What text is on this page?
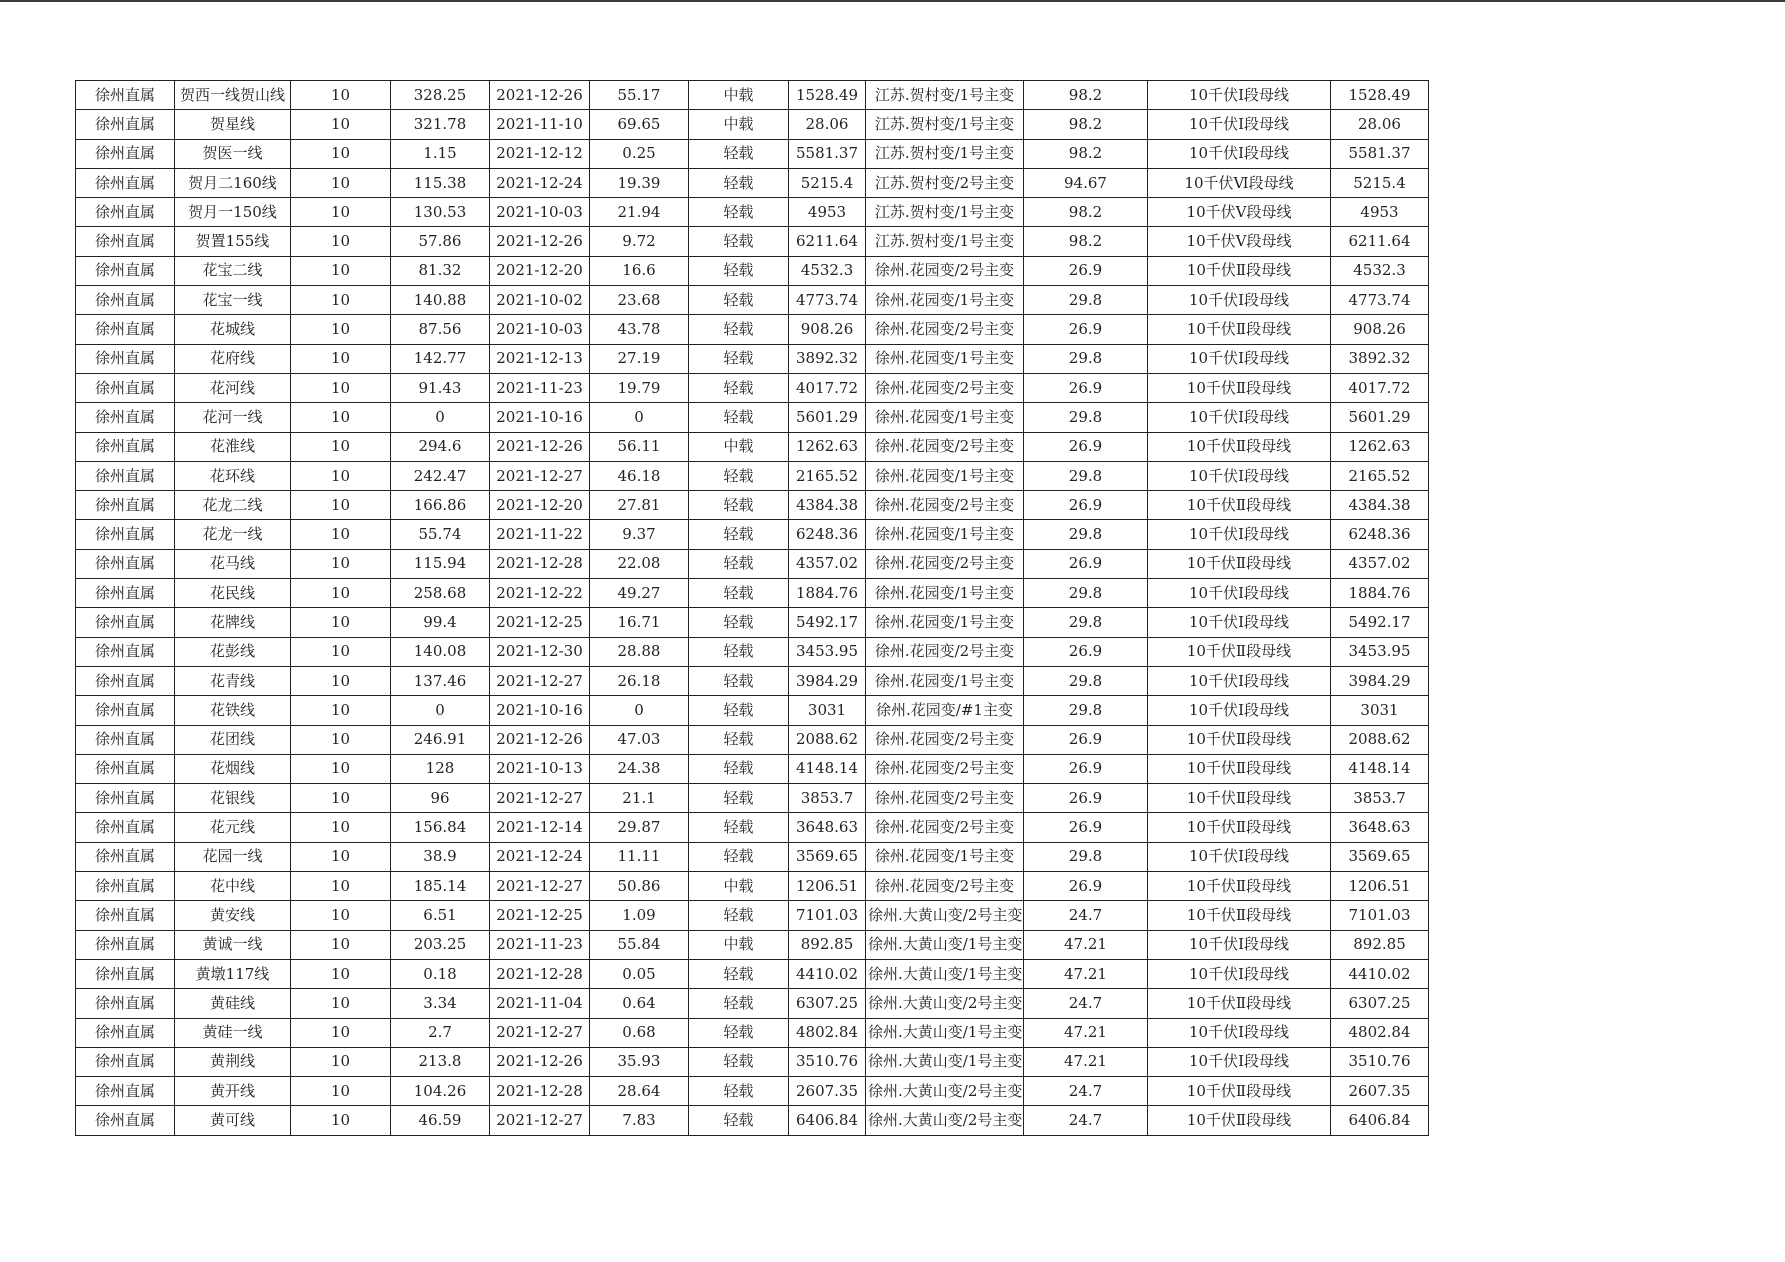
徐州直属	贺西一线贺山线	10	328.25	2021-12-26	55.17	中载	1528.49	江苏.贺村变/1号主变	98.2	10千伏Ⅰ段母线	1528.49
徐州直属	贺星线	10	321.78	2021-11-10	69.65	中载	28.06	江苏.贺村变/1号主变	98.2	10千伏Ⅰ段母线	28.06
徐州直属	贺医一线	10	1.15	2021-12-12	0.25	轻载	5581.37	江苏.贺村变/1号主变	98.2	10千伏Ⅰ段母线	5581.37
徐州直属	贺月二160线	10	115.38	2021-12-24	19.39	轻载	5215.4	江苏.贺村变/2号主变	94.67	10千伏Ⅵ段母线	5215.4
徐州直属	贺月一150线	10	130.53	2021-10-03	21.94	轻载	4953	江苏.贺村变/1号主变	98.2	10千伏Ⅴ段母线	4953
徐州直属	贺置155线	10	57.86	2021-12-26	9.72	轻载	6211.64	江苏.贺村变/1号主变	98.2	10千伏Ⅴ段母线	6211.64
徐州直属	花宝二线	10	81.32	2021-12-20	16.6	轻载	4532.3	徐州.花园变/2号主变	26.9	10千伏Ⅱ段母线	4532.3
徐州直属	花宝一线	10	140.88	2021-10-02	23.68	轻载	4773.74	徐州.花园变/1号主变	29.8	10千伏Ⅰ段母线	4773.74
徐州直属	花城线	10	87.56	2021-10-03	43.78	轻载	908.26	徐州.花园变/2号主变	26.9	10千伏Ⅱ段母线	908.26
徐州直属	花府线	10	142.77	2021-12-13	27.19	轻载	3892.32	徐州.花园变/1号主变	29.8	10千伏Ⅰ段母线	3892.32
徐州直属	花河线	10	91.43	2021-11-23	19.79	轻载	4017.72	徐州.花园变/2号主变	26.9	10千伏Ⅱ段母线	4017.72
徐州直属	花河一线	10	0	2021-10-16	0	轻载	5601.29	徐州.花园变/1号主变	29.8	10千伏Ⅰ段母线	5601.29
徐州直属	花淮线	10	294.6	2021-12-26	56.11	中载	1262.63	徐州.花园变/2号主变	26.9	10千伏Ⅱ段母线	1262.63
徐州直属	花环线	10	242.47	2021-12-27	46.18	轻载	2165.52	徐州.花园变/1号主变	29.8	10千伏Ⅰ段母线	2165.52
徐州直属	花龙二线	10	166.86	2021-12-20	27.81	轻载	4384.38	徐州.花园变/2号主变	26.9	10千伏Ⅱ段母线	4384.38
徐州直属	花龙一线	10	55.74	2021-11-22	9.37	轻载	6248.36	徐州.花园变/1号主变	29.8	10千伏Ⅰ段母线	6248.36
徐州直属	花马线	10	115.94	2021-12-28	22.08	轻载	4357.02	徐州.花园变/2号主变	26.9	10千伏Ⅱ段母线	4357.02
徐州直属	花民线	10	258.68	2021-12-22	49.27	轻载	1884.76	徐州.花园变/1号主变	29.8	10千伏Ⅰ段母线	1884.76
徐州直属	花牌线	10	99.4	2021-12-25	16.71	轻载	5492.17	徐州.花园变/1号主变	29.8	10千伏Ⅰ段母线	5492.17
徐州直属	花彭线	10	140.08	2021-12-30	28.88	轻载	3453.95	徐州.花园变/2号主变	26.9	10千伏Ⅱ段母线	3453.95
徐州直属	花青线	10	137.46	2021-12-27	26.18	轻载	3984.29	徐州.花园变/1号主变	29.8	10千伏Ⅰ段母线	3984.29
徐州直属	花铁线	10	0	2021-10-16	0	轻载	3031	徐州.花园变/#1主变	29.8	10千伏Ⅰ段母线	3031
徐州直属	花团线	10	246.91	2021-12-26	47.03	轻载	2088.62	徐州.花园变/2号主变	26.9	10千伏Ⅱ段母线	2088.62
徐州直属	花烟线	10	128	2021-10-13	24.38	轻载	4148.14	徐州.花园变/2号主变	26.9	10千伏Ⅱ段母线	4148.14
徐州直属	花银线	10	96	2021-12-27	21.1	轻载	3853.7	徐州.花园变/2号主变	26.9	10千伏Ⅱ段母线	3853.7
徐州直属	花元线	10	156.84	2021-12-14	29.87	轻载	3648.63	徐州.花园变/2号主变	26.9	10千伏Ⅱ段母线	3648.63
徐州直属	花园一线	10	38.9	2021-12-24	11.11	轻载	3569.65	徐州.花园变/1号主变	29.8	10千伏Ⅰ段母线	3569.65
徐州直属	花中线	10	185.14	2021-12-27	50.86	中载	1206.51	徐州.花园变/2号主变	26.9	10千伏Ⅱ段母线	1206.51
徐州直属	黄安线	10	6.51	2021-12-25	1.09	轻载	7101.03	徐州.大黄山变/2号主变	24.7	10千伏Ⅱ段母线	7101.03
徐州直属	黄诚一线	10	203.25	2021-11-23	55.84	中载	892.85	徐州.大黄山变/1号主变	47.21	10千伏Ⅰ段母线	892.85
徐州直属	黄墩117线	10	0.18	2021-12-28	0.05	轻载	4410.02	徐州.大黄山变/1号主变	47.21	10千伏Ⅰ段母线	4410.02
徐州直属	黄硅线	10	3.34	2021-11-04	0.64	轻载	6307.25	徐州.大黄山变/2号主变	24.7	10千伏Ⅱ段母线	6307.25
徐州直属	黄硅一线	10	2.7	2021-12-27	0.68	轻载	4802.84	徐州.大黄山变/1号主变	47.21	10千伏Ⅰ段母线	4802.84
徐州直属	黄荆线	10	213.8	2021-12-26	35.93	轻载	3510.76	徐州.大黄山变/1号主变	47.21	10千伏Ⅰ段母线	3510.76
徐州直属	黄开线	10	104.26	2021-12-28	28.64	轻载	2607.35	徐州.大黄山变/2号主变	24.7	10千伏Ⅱ段母线	2607.35
徐州直属	黄可线	10	46.59	2021-12-27	7.83	轻载	6406.84	徐州.大黄山变/2号主变	24.7	10千伏Ⅱ段母线	6406.84
